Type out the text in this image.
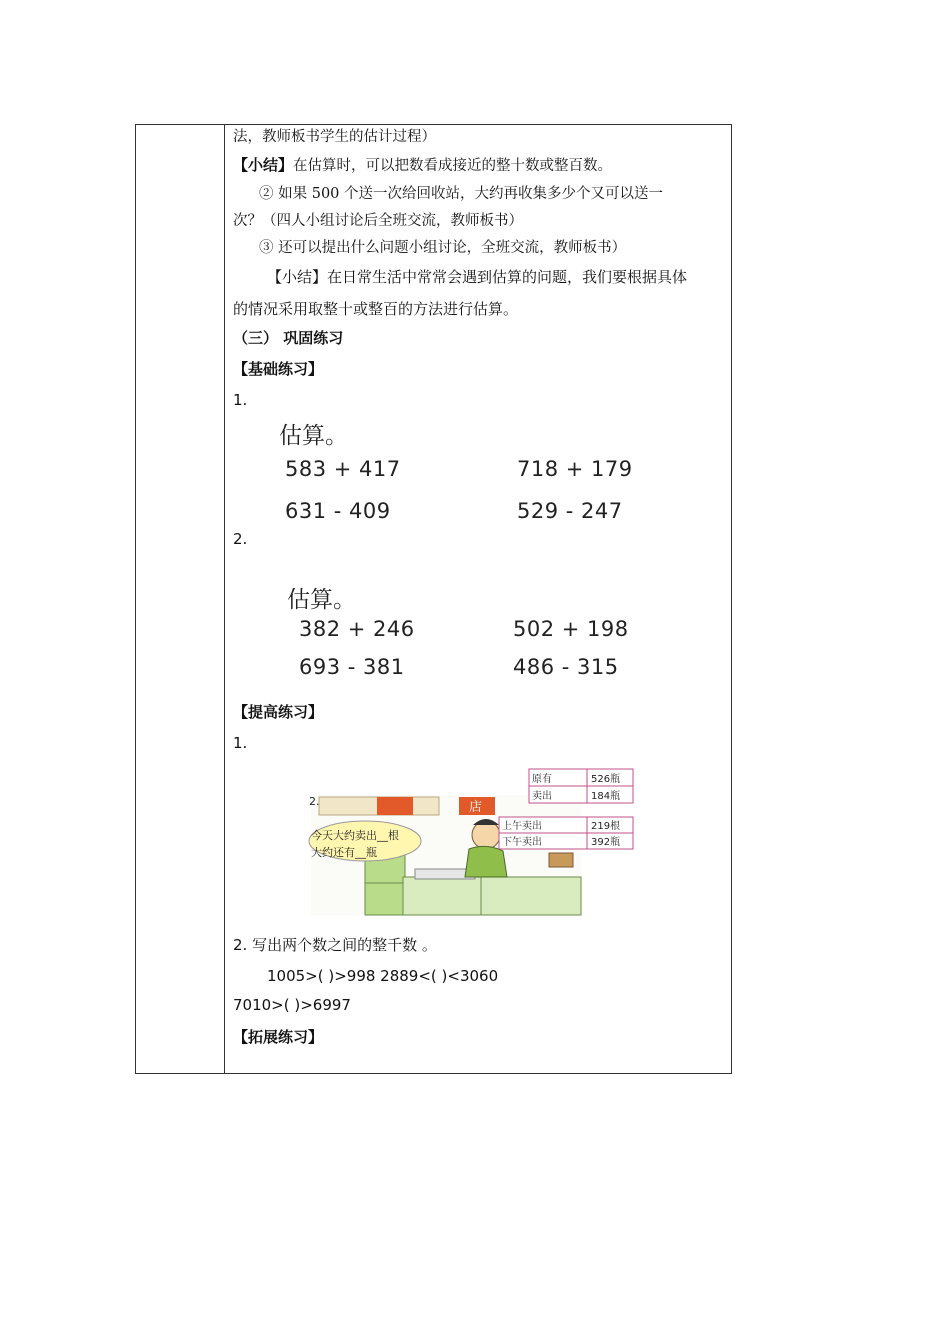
法，教师板书学生的估计过程）
【小结】在估算时，可以把数看成接近的整十数或整百数。
② 如果 500 个送一次给回收站，大约再收集多少个又可以送一
次？（四人小组讨论后全班交流，教师板书）
③ 还可以提出什么问题小组讨论，全班交流，教师板书）
【小结】在日常生活中常常会遇到估算的问题，我们要根据具体
的情况采用取整十或整百的方法进行估算。
（三） 巩固练习
【基础练习】
1.
估算。
583 + 417	718 + 179
631 - 409	529 - 247
2.
估算。
382 + 246	502 + 198
693 - 381	486 - 315
【提高练习】
1.
店
今天大约卖出__根
大约还有__瓶
2.
原有	526瓶
卖出	184瓶
上午卖出	219根
下午卖出	392瓶
2. 写出两个数之间的整千数 。
1005>( )>998 2889<( )<3060
7010>( )>6997
【拓展练习】
